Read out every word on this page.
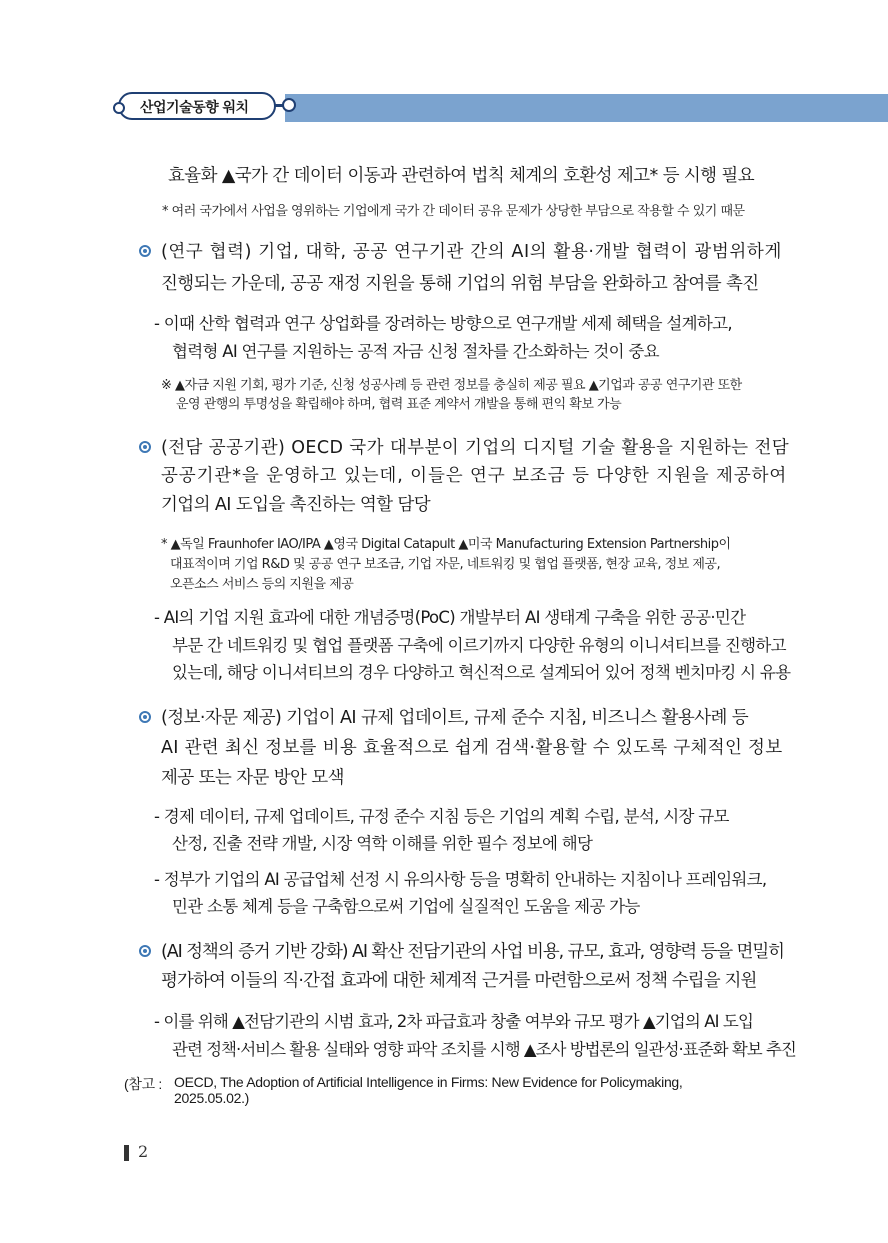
산업기술동향 워치
효율화 ▲국가 간 데이터 이동과 관련하여 법칙 체계의 호환성 제고* 등 시행 필요
* 여러 국가에서 사업을 영위하는 기업에게 국가 간 데이터 공유 문제가 상당한 부담으로 작용할 수 있기 때문
(연구 협력) 기업, 대학, 공공 연구기관 간의 AI의 활용·개발 협력이 광범위하게
진행되는 가운데, 공공 재정 지원을 통해 기업의 위험 부담을 완화하고 참여를 촉진
- 이때 산학 협력과 연구 상업화를 장려하는 방향으로 연구개발 세제 혜택을 설계하고,
협력형 AI 연구를 지원하는 공적 자금 신청 절차를 간소화하는 것이 중요
※ ▲자금 지원 기회, 평가 기준, 신청 성공사례 등 관련 정보를 충실히 제공 필요 ▲기업과 공공 연구기관 또한
운영 관행의 투명성을 확립해야 하며, 협력 표준 계약서 개발을 통해 편익 확보 가능
(전담 공공기관) OECD 국가 대부분이 기업의 디지털 기술 활용을 지원하는 전담
공공기관*을 운영하고 있는데, 이들은 연구 보조금 등 다양한 지원을 제공하여
기업의 AI 도입을 촉진하는 역할 담당
* ▲독일 Fraunhofer IAO/IPA ▲영국 Digital Catapult ▲미국 Manufacturing Extension Partnership이
대표적이며 기업 R&D 및 공공 연구 보조금, 기업 자문, 네트워킹 및 협업 플랫폼, 현장 교육, 정보 제공,
오픈소스 서비스 등의 지원을 제공
- AI의 기업 지원 효과에 대한 개념증명(PoC) 개발부터 AI 생태계 구축을 위한 공공·민간
부문 간 네트워킹 및 협업 플랫폼 구축에 이르기까지 다양한 유형의 이니셔티브를 진행하고
있는데, 해당 이니셔티브의 경우 다양하고 혁신적으로 설계되어 있어 정책 벤치마킹 시 유용
(정보·자문 제공) 기업이 AI 규제 업데이트, 규제 준수 지침, 비즈니스 활용사례 등
AI 관련 최신 정보를 비용 효율적으로 쉽게 검색·활용할 수 있도록 구체적인 정보
제공 또는 자문 방안 모색
- 경제 데이터, 규제 업데이트, 규정 준수 지침 등은 기업의 계획 수립, 분석, 시장 규모
산정, 진출 전략 개발, 시장 역학 이해를 위한 필수 정보에 해당
- 정부가 기업의 AI 공급업체 선정 시 유의사항 등을 명확히 안내하는 지침이나 프레임워크,
민관 소통 체계 등을 구축함으로써 기업에 실질적인 도움을 제공 가능
(AI 정책의 증거 기반 강화) AI 확산 전담기관의 사업 비용, 규모, 효과, 영향력 등을 면밀히
평가하여 이들의 직·간접 효과에 대한 체계적 근거를 마련함으로써 정책 수립을 지원
- 이를 위해 ▲전담기관의 시범 효과, 2차 파급효과 창출 여부와 규모 평가 ▲기업의 AI 도입
관련 정책·서비스 활용 실태와 영향 파악 조치를 시행 ▲조사 방법론의 일관성·표준화 확보 추진
(참고 : OECD, The Adoption of Artificial Intelligence in Firms: New Evidence for Policymaking,
2025.05.02.)
2
